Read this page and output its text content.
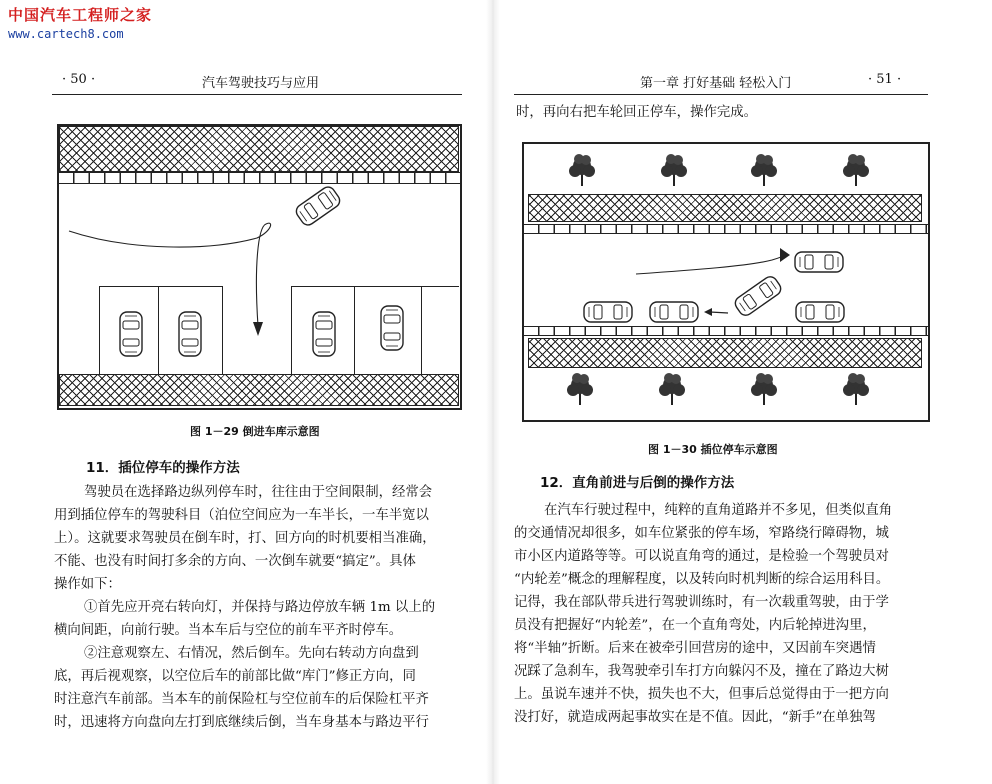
中国汽车工程师之家
www.cartech8.com
· 50 ·	汽车驾驶技巧与应用
图 1－29 倒进车库示意图
11．插位停车的操作方法
驾驶员在选择路边纵列停车时，往往由于空间限制，经常会
用到插位停车的驾驶科目（泊位空间应为一车半长，一车半宽以
上）。这就要求驾驶员在倒车时，打、回方向的时机要相当准确，
不能、也没有时间打多余的方向、一次倒车就要“搞定”。具体
操作如下：
①首先应开亮右转向灯，并保持与路边停放车辆 1m 以上的
横向间距，向前行驶。当本车后与空位的前车平齐时停车。
②注意观察左、右情况，然后倒车。先向右转动方向盘到
底，再后视观察，以空位后车的前部比做“库门”修正方向，同
时注意汽车前部。当本车的前保险杠与空位前车的后保险杠平齐
时，迅速将方向盘向左打到底继续后倒，当车身基本与路边平行
第一章 打好基础 轻松入门	· 51 ·
时，再向右把车轮回正停车，操作完成。
图 1－30 插位停车示意图
12．直角前进与后倒的操作方法
在汽车行驶过程中，纯粹的直角道路并不多见，但类似直角
的交通情况却很多，如车位紧张的停车场，窄路绕行障碍物，城
市小区内道路等等。可以说直角弯的通过，是检验一个驾驶员对
“内轮差”概念的理解程度，以及转向时机判断的综合运用科目。
记得，我在部队带兵进行驾驶训练时，有一次载重驾驶，由于学
员没有把握好“内轮差”，在一个直角弯处，内后轮掉进沟里，
将“半轴”折断。后来在被牵引回营房的途中，又因前车突遇情
况踩了急刹车，我驾驶牵引车打方向躲闪不及，撞在了路边大树
上。虽说车速并不快，损失也不大，但事后总觉得由于一把方向
没打好，就造成两起事故实在是不值。因此，“新手”在单独驾
